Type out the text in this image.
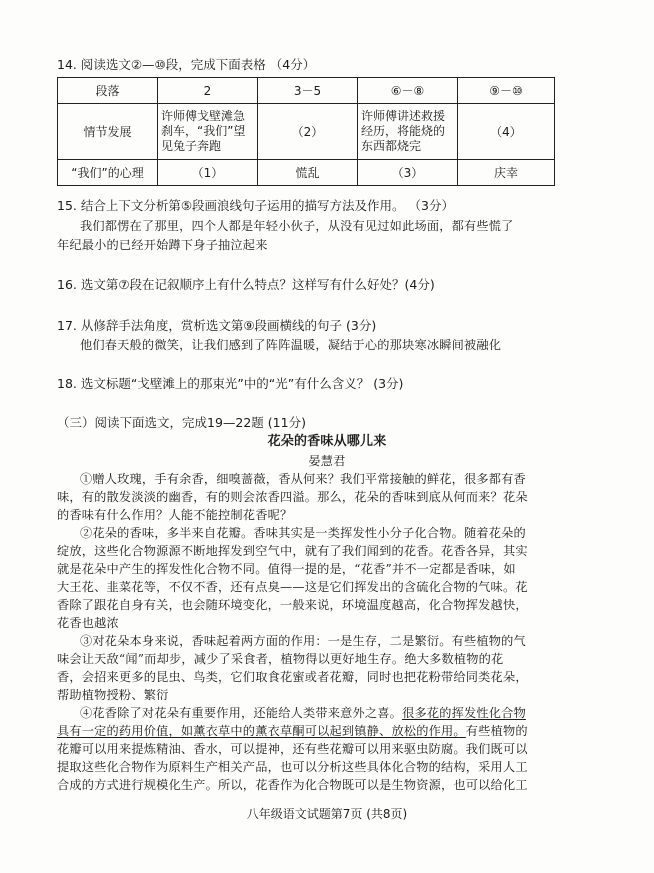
14. 阅读选文②—⑩段，完成下面表格 （4分）
段落	2	3－5	⑥－⑧	⑨－⑩
情节发展	许师傅戈壁滩急刹车，“我们”望见兔子奔跑	（2）	许师傅讲述救援经历，将能烧的东西都烧完	（4）
“我们”的心理	（1）	慌乱	（3）	庆幸
15. 结合上下文分析第⑤段画浪线句子运用的描写方法及作用。 （3分）
我们都愣在了那里，四个人都是年轻小伙子，从没有见过如此场面，都有些慌了
年纪最小的已经开始蹲下身子抽泣起来
16. 选文第⑦段在记叙顺序上有什么特点？这样写有什么好处？(4分)
17. 从修辞手法角度，赏析选文第⑨段画横线的句子 (3分)
他们春天般的微笑，让我们感到了阵阵温暖，凝结于心的那块寒冰瞬间被融化
18. 选文标题“戈壁滩上的那束光”中的“光”有什么含义？ (3分)
（三）阅读下面选文，完成19—22题 (11分)
花朵的香味从哪儿来
晏慧君
①赠人玫瑰，手有余香，细嗅蔷薇，香从何来？我们平常接触的鲜花，很多都有香
味，有的散发淡淡的幽香，有的则会浓香四溢。那么，花朵的香味到底从何而来？花朵
的香味有什么作用？人能不能控制花香呢？
②花朵的香味，多半来自花瓣。香味其实是一类挥发性小分子化合物。随着花朵的
绽放，这些化合物源源不断地挥发到空气中，就有了我们闻到的花香。花香各异，其实
就是花朵中产生的挥发性化合物不同。值得一提的是，“花香”并不一定都是香味，如
大王花、韭菜花等，不仅不香，还有点臭——这是它们挥发出的含硫化合物的气味。花
香除了跟花自身有关，也会随环境变化，一般来说，环境温度越高，化合物挥发越快，
花香也越浓
③对花朵本身来说，香味起着两方面的作用：一是生存，二是繁衍。有些植物的气
味会让天敌“闻”而却步，减少了采食者，植物得以更好地生存。绝大多数植物的花
香，会招来更多的昆虫、鸟类，它们取食花蜜或者花瓣，同时也把花粉带给同类花朵，
帮助植物授粉、繁衍
④花香除了对花朵有重要作用，还能给人类带来意外之喜。很多花的挥发性化合物
具有一定的药用价值，如薰衣草中的薰衣草酮可以起到镇静、放松的作用。有些植物的
花瓣可以用来提炼精油、香水，可以提神，还有些花瓣可以用来驱虫防腐。我们既可以
提取这些化合物作为原料生产相关产品，也可以分析这些具体化合物的结构，采用人工
合成的方式进行规模化生产。所以，花香作为化合物既可以是生物资源，也可以给化工
八年级语文试题第7页 (共8页)
